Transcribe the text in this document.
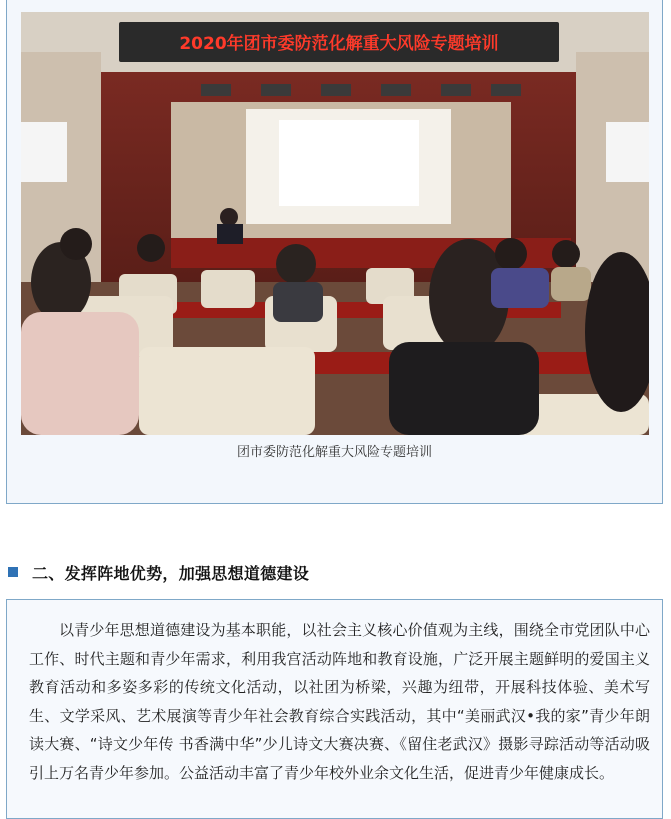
2020年团市委防范化解重大风险专题培训
团市委防范化解重大风险专题培训
二、发挥阵地优势，加强思想道德建设

以青少年思想道德建设为基本职能，以社会主义核心价值观为主线，围绕全市党团队中心工作、时代主题和青少年需求，利用我宫活动阵地和教育设施，广泛开展主题鲜明的爱国主义教育活动和多姿多彩的传统文化活动，以社团为桥梁，兴趣为纽带，开展科技体验、美术写生、文学采风、艺术展演等青少年社会教育综合实践活动，其中“美丽武汉•我的家”青少年朗读大赛、“诗文少年传 书香满中华”少儿诗文大赛决赛、《留住老武汉》摄影寻踪活动等活动吸引上万名青少年参加。公益活动丰富了青少年校外业余文化生活，促进青少年健康成长。
